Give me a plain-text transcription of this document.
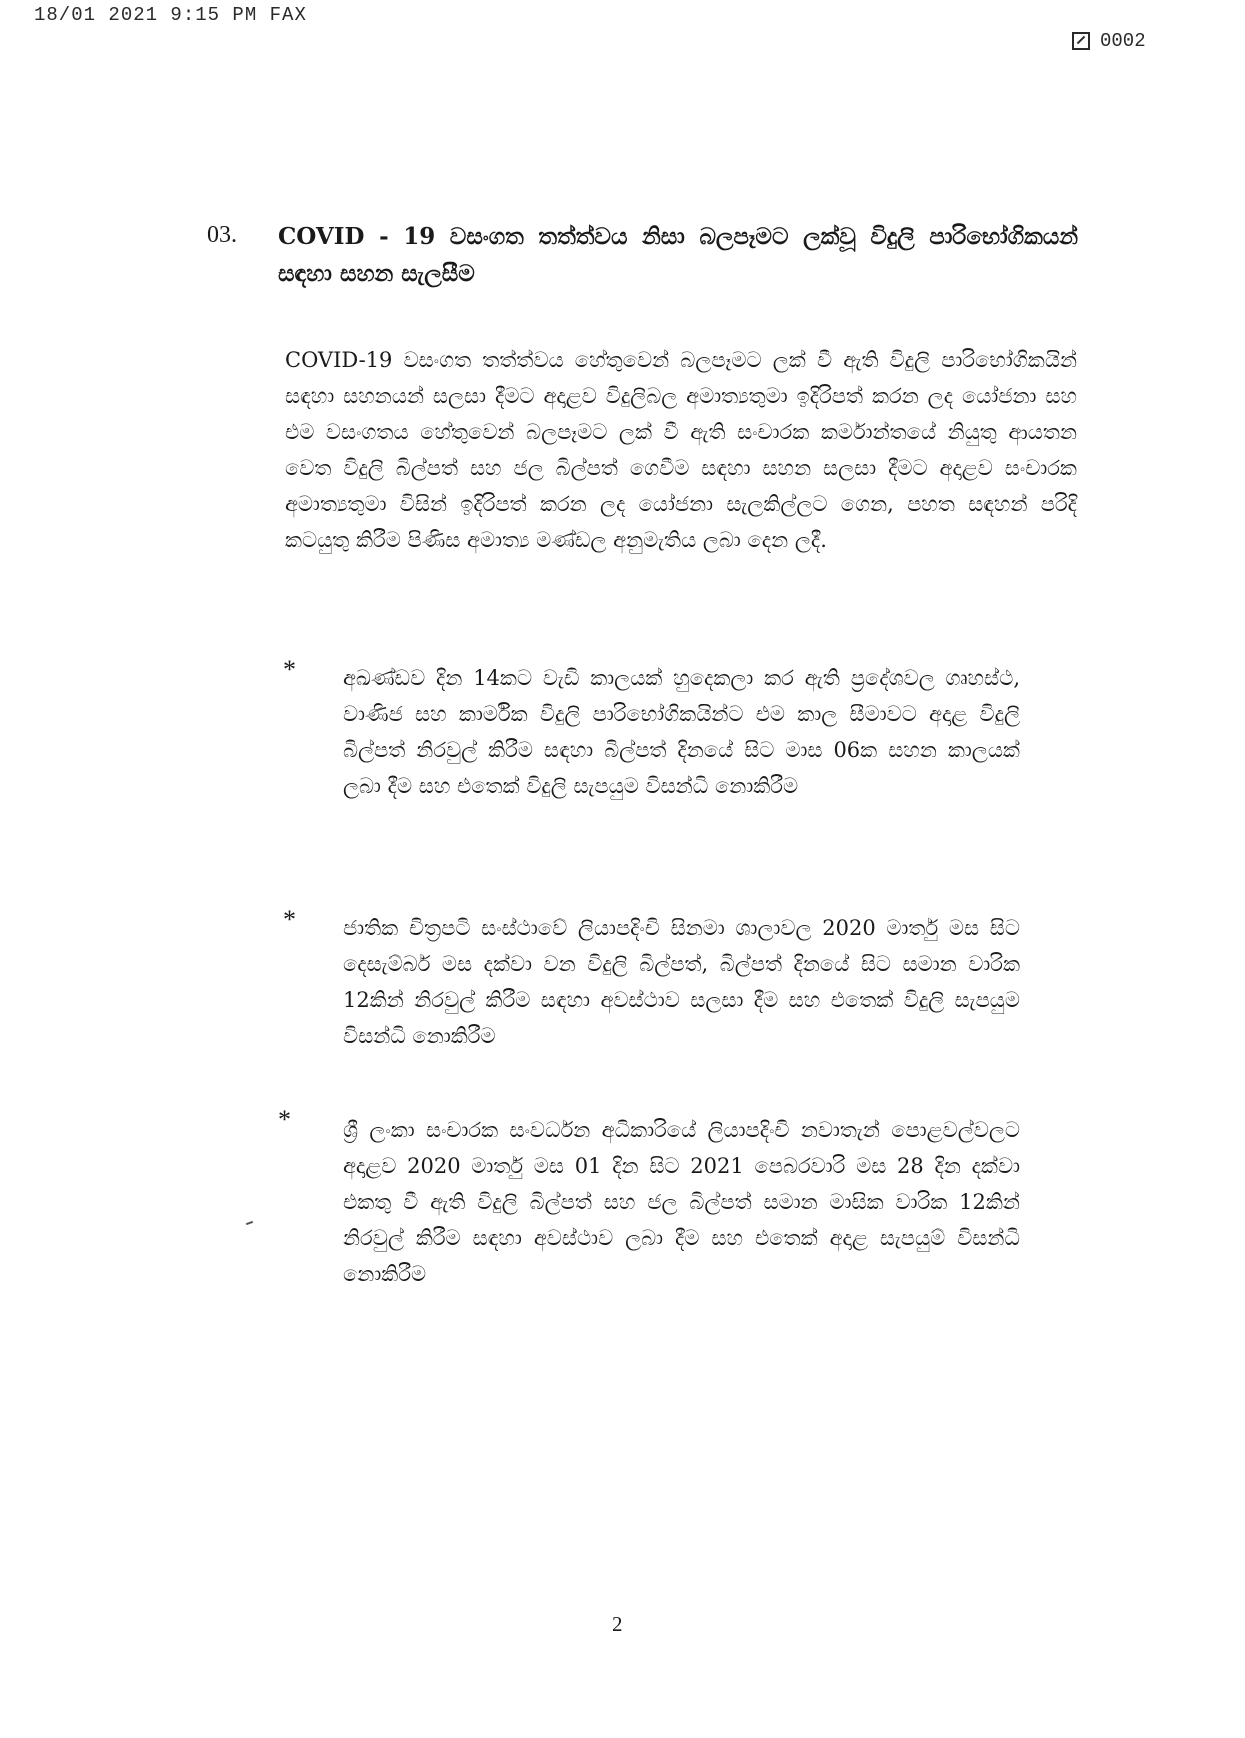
18/01 2021 9:15 PM FAX
0002
03. COVID - 19 වසංගත තත්ත්වය නිසා බලපෑමට ලක්වූ විදුලි පාරිභෝගිකයන් සඳහා සහන සැලසීම
COVID-19 වසංගත තත්ත්වය හේතුවෙන් බලපෑමට ලක් වී ඇති විදුලි පාරිභෝගිකයින් සඳහා සහනයන් සලසා දීමට අදාළව විදුලිබල අමාත්‍යතුමා ඉදිරිපත් කරන ලද යෝජනා සහ එම වසංගතය හේතුවෙන් බලපෑමට ලක් වී ඇති සංචාරක කර්මාන්තයේ නියුතු ආයතන වෙත විදුලි බිල්පත් සහ ජල බිල්පත් ගෙවීම සඳහා සහන සලසා දීමට අදාළව සංචාරක අමාත්‍යතුමා විසින් ඉදිරිපත් කරන ලද යෝජනා සැලකිල්ලට ගෙන, පහත සඳහන් පරිදි කටයුතු කිරීම පිණිස අමාත්‍ය මණ්ඩල අනුමැතිය ලබා දෙන ලදී.
* අඛණ්ඩව දින 14කට වැඩි කාලයක් හුදෙකලා කර ඇති ප්‍රදේශවල ගෘහස්ථ, වාණිජ සහ කාර්මික විදුලි පාරිභෝගිකයින්ට එම කාල සීමාවට අදාළ විදුලි බිල්පත් නිරවුල් කිරීම සඳහා බිල්පත් දිනයේ සිට මාස 06ක සහන කාලයක් ලබා දීම සහ එතෙක් විදුලි සැපයුම විසන්ධි නොකිරීම
* ජාතික චිත්‍රපටි සංස්ථාවේ ලියාපදිංචි සිනමා ශාලාවල 2020 මාර්තු මස සිට දෙසැම්බර් මස දක්වා වන විදුලි බිල්පත්, බිල්පත් දිනයේ සිට සමාන වාරික 12කින් නිරවුල් කිරීම සඳහා අවස්ථාව සලසා දීම සහ එතෙක් විදුලි සැපයුම විසන්ධි නොකිරීම
* ශ්‍රී ලංකා සංචාරක සංවර්ධන අධිකාරියේ ලියාපදිංචි නවාතැන් පොළවල්වලට අදාළව 2020 මාර්තු මස 01 දින සිට 2021 පෙබරවාරි මස 28 දින දක්වා එකතු වී ඇති විදුලි බිල්පත් සහ ජල බිල්පත් සමාන මාසික වාරික 12කින් නිරවුල් කිරීම සඳහා අවස්ථාව ලබා දීම සහ එතෙක් අදාළ සැපයුම් විසන්ධි නොකිරීම
2
